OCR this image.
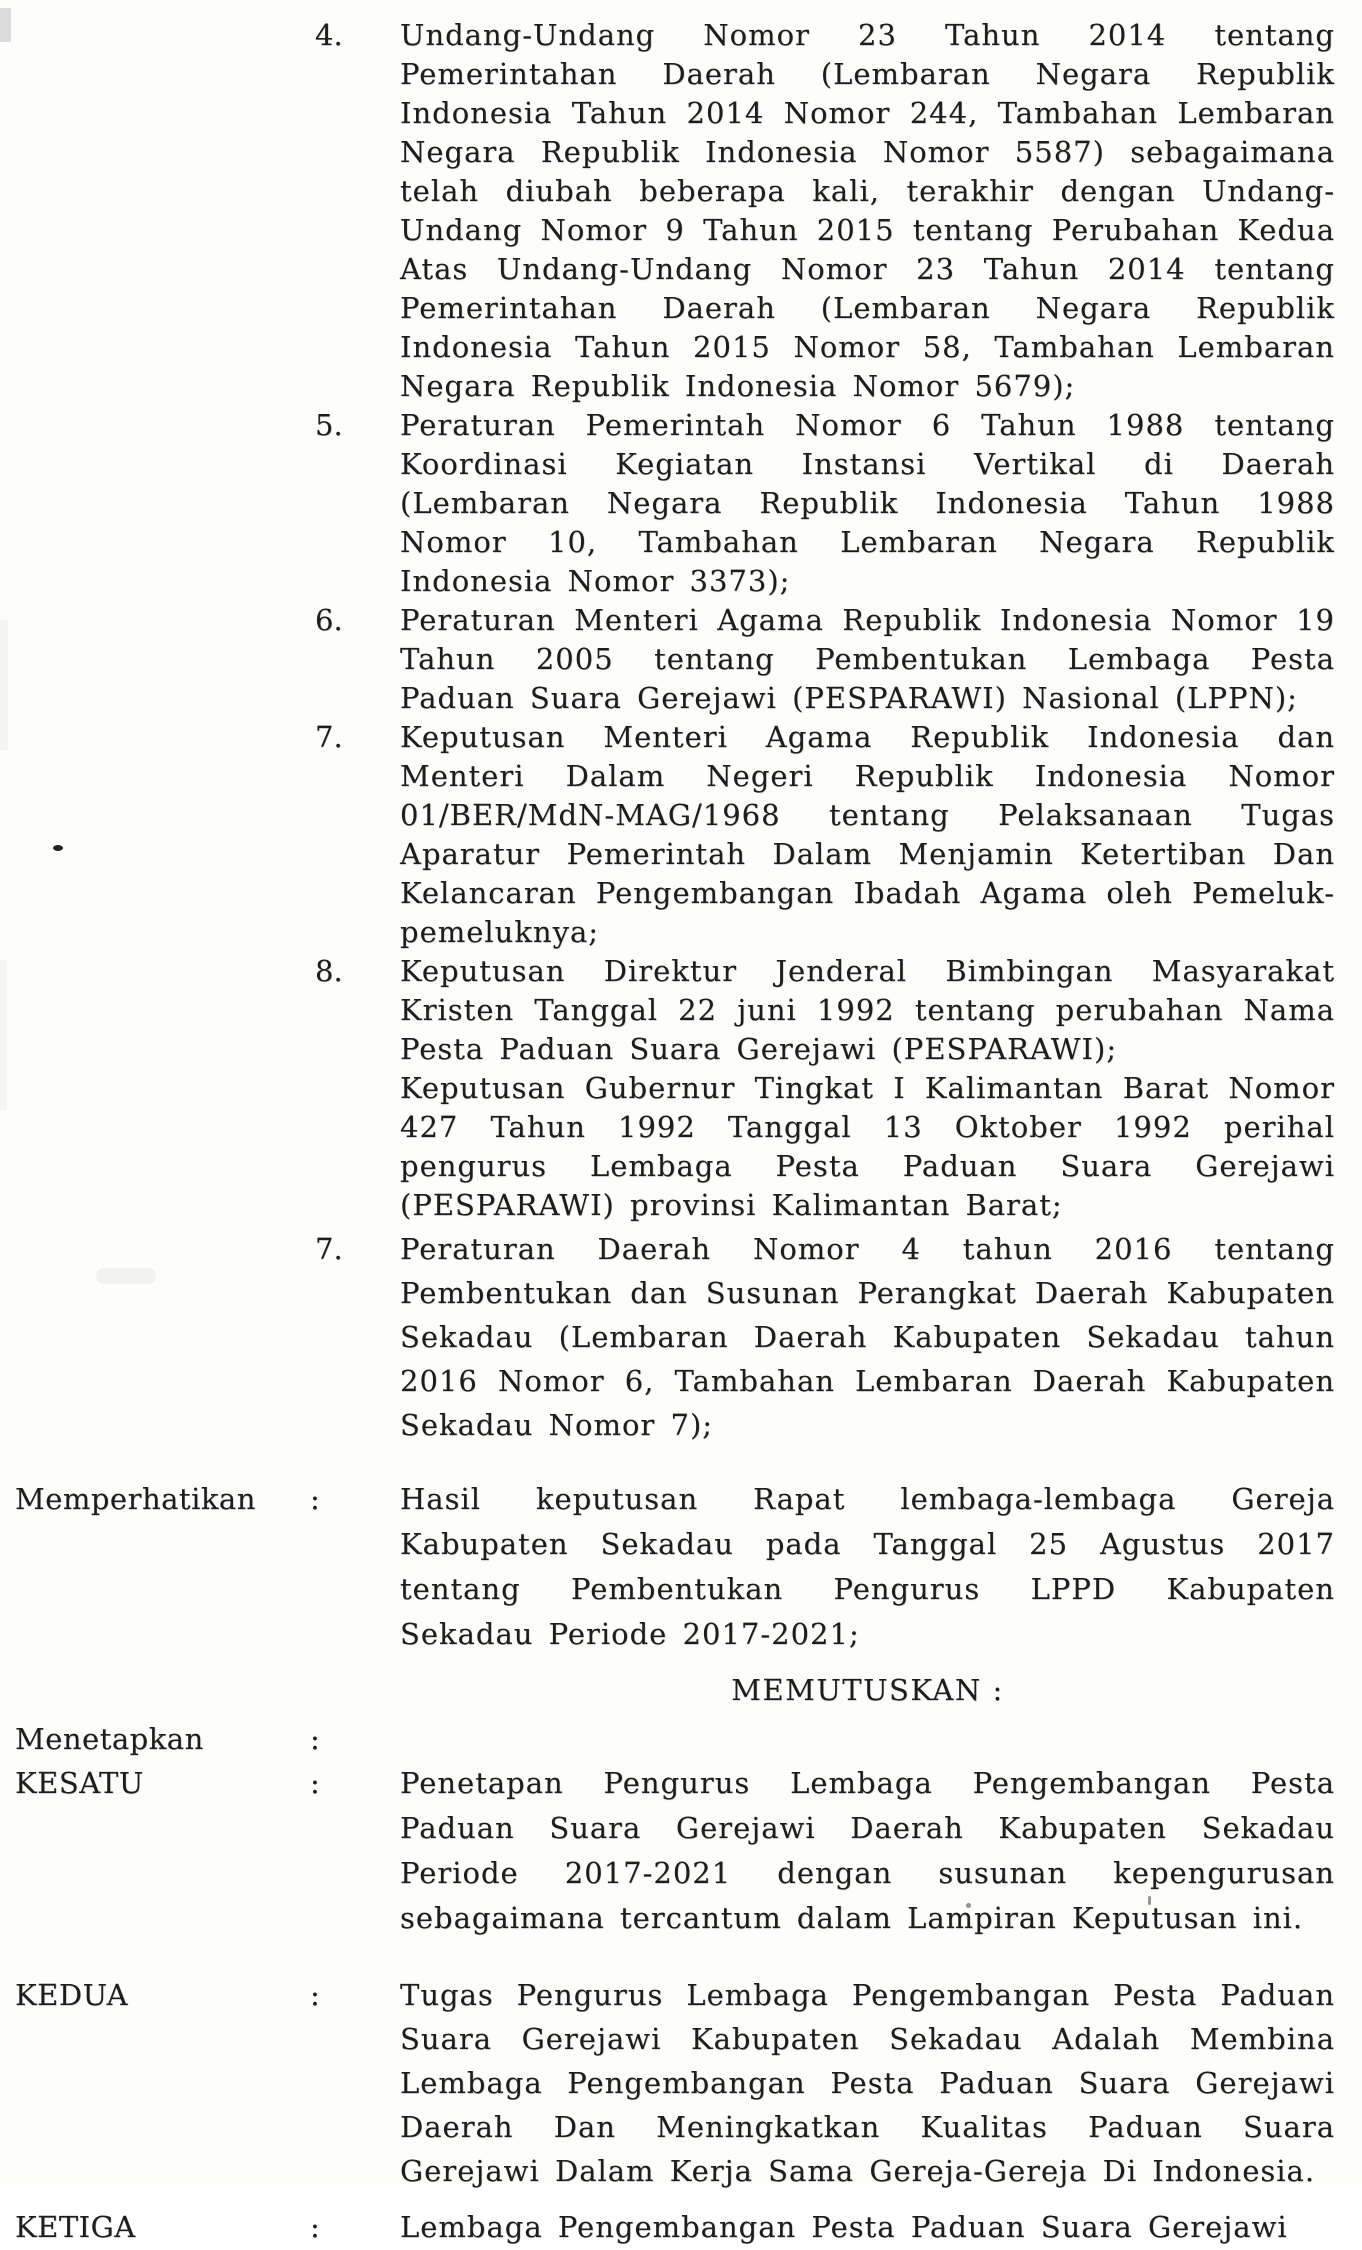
4.	Undang-Undang Nomor 23 Tahun 2014 tentang Pemerintahan Daerah (Lembaran Negara Republik Indonesia Tahun 2014 Nomor 244, Tambahan Lembaran Negara Republik Indonesia Nomor 5587) sebagaimana telah diubah beberapa kali, terakhir dengan Undang-Undang Nomor 9 Tahun 2015 tentang Perubahan Kedua Atas Undang-Undang Nomor 23 Tahun 2014 tentang Pemerintahan Daerah (Lembaran Negara Republik Indonesia Tahun 2015 Nomor 58, Tambahan Lembaran Negara Republik Indonesia Nomor 5679);
5.	Peraturan Pemerintah Nomor 6 Tahun 1988 tentang Koordinasi Kegiatan Instansi Vertikal di Daerah (Lembaran Negara Republik Indonesia Tahun 1988 Nomor 10, Tambahan Lembaran Negara Republik Indonesia Nomor 3373);
6.	Peraturan Menteri Agama Republik Indonesia Nomor 19 Tahun 2005 tentang Pembentukan Lembaga Pesta Paduan Suara Gerejawi (PESPARAWI) Nasional (LPPN);
7.	Keputusan Menteri Agama Republik Indonesia dan Menteri Dalam Negeri Republik Indonesia Nomor 01/BER/MdN-MAG/1968 tentang Pelaksanaan Tugas Aparatur Pemerintah Dalam Menjamin Ketertiban Dan Kelancaran Pengembangan Ibadah Agama oleh Pemeluk-pemeluknya;
8.	Keputusan Direktur Jenderal Bimbingan Masyarakat Kristen Tanggal 22 juni 1992 tentang perubahan Nama Pesta Paduan Suara Gerejawi (PESPARAWI);
Keputusan Gubernur Tingkat I Kalimantan Barat Nomor 427 Tahun 1992 Tanggal 13 Oktober 1992 perihal pengurus Lembaga Pesta Paduan Suara Gerejawi (PESPARAWI) provinsi Kalimantan Barat;
7.	Peraturan Daerah Nomor 4 tahun 2016 tentang Pembentukan dan Susunan Perangkat Daerah Kabupaten Sekadau (Lembaran Daerah Kabupaten Sekadau tahun 2016 Nomor 6, Tambahan Lembaran Daerah Kabupaten Sekadau Nomor 7);
Memperhatikan	:	Hasil keputusan Rapat lembaga-lembaga Gereja Kabupaten Sekadau pada Tanggal 25 Agustus 2017 tentang Pembentukan Pengurus LPPD Kabupaten Sekadau Periode 2017-2021;
MEMUTUSKAN :
Menetapkan	:
KESATU	:	Penetapan Pengurus Lembaga Pengembangan Pesta Paduan Suara Gerejawi Daerah Kabupaten Sekadau Periode 2017-2021 dengan susunan kepengurusan sebagaimana tercantum dalam Lampiran Keputusan ini.
KEDUA	:	Tugas Pengurus Lembaga Pengembangan Pesta Paduan Suara Gerejawi Kabupaten Sekadau Adalah Membina Lembaga Pengembangan Pesta Paduan Suara Gerejawi Daerah Dan Meningkatkan Kualitas Paduan Suara Gerejawi Dalam Kerja Sama Gereja-Gereja Di Indonesia.
KETIGA	:	Lembaga Pengembangan Pesta Paduan Suara Gerejawi
